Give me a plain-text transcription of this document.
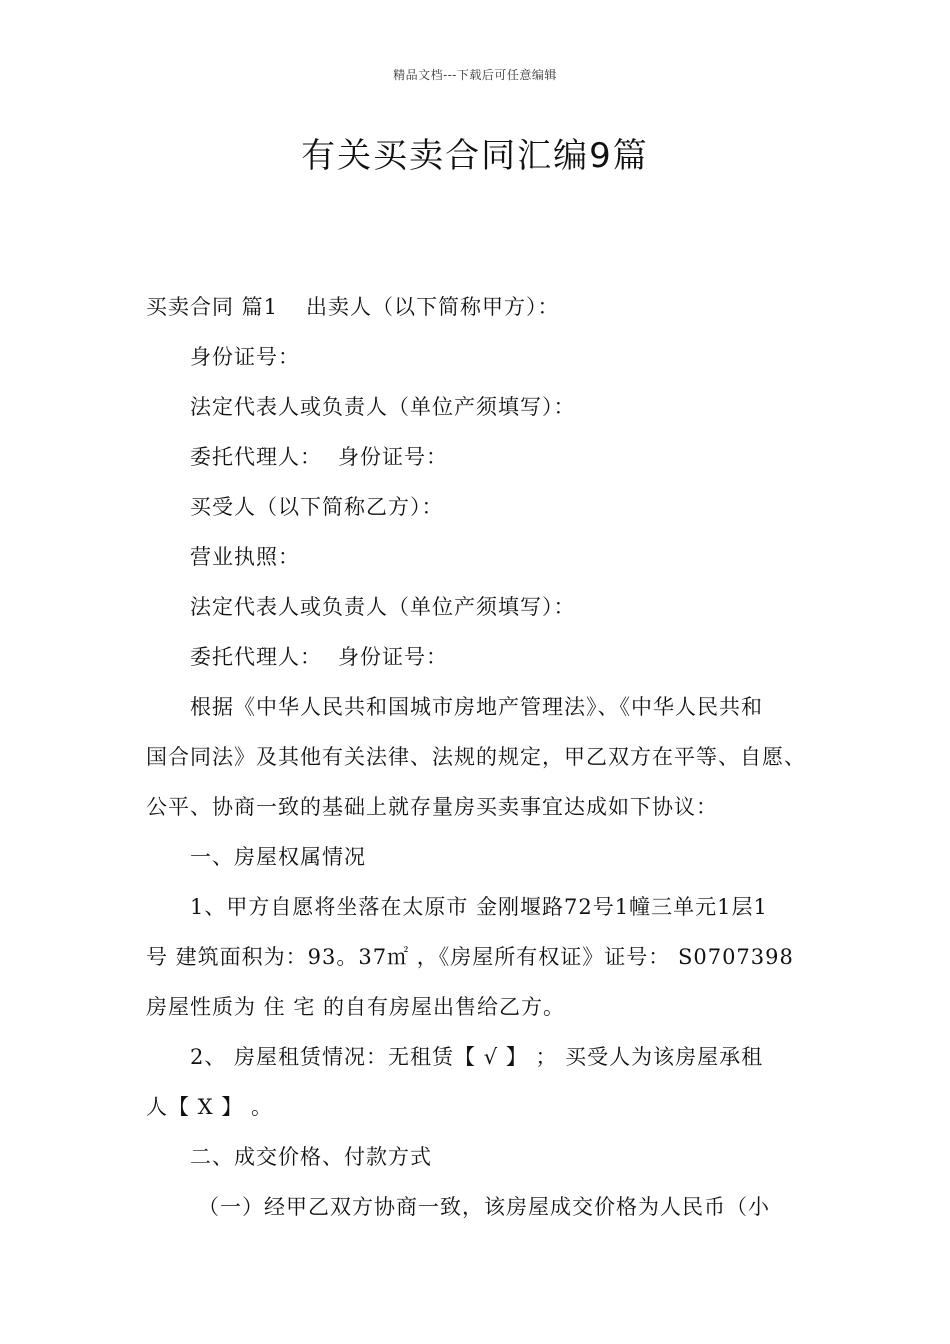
精品文档---下载后可任意编辑
有关买卖合同汇编9篇
买卖合同 篇1 出卖人（以下简称甲方）：
身份证号：
法定代表人或负责人（单位产须填写）：
委托代理人： 身份证号：
买受人（以下简称乙方）：
营业执照：
法定代表人或负责人（单位产须填写）：
委托代理人： 身份证号：
根据《中华人民共和国城市房地产管理法》、《中华人民共和
国合同法》及其他有关法律、法规的规定，甲乙双方在平等、自愿、
公平、协商一致的基础上就存量房买卖事宜达成如下协议：
一、房屋权属情况
1、甲方自愿将坐落在太原市 金刚堰路72号1幢三单元1层1
号 建筑面积为：93。37㎡ ，《房屋所有权证》证号： S0707398
房屋性质为 住 宅 的自有房屋出售给乙方。
2、 房屋租赁情况：无租赁【 √ 】 ； 买受人为该房屋承租
人【 X 】 。
二、成交价格、付款方式
（一）经甲乙双方协商一致，该房屋成交价格为人民币（小
